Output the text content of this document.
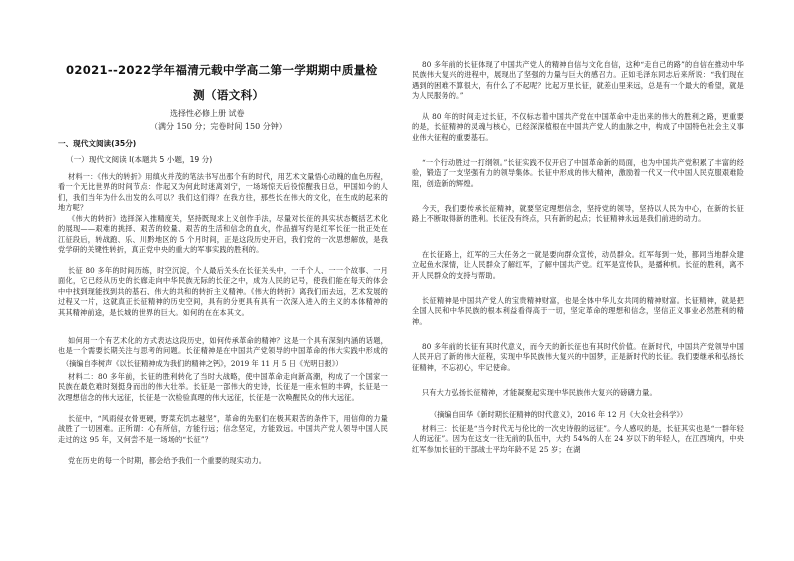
02021--2022学年福清元载中学高二第一学期期中质量检
测（语文科）
选择性必修上册 试卷
（满分 150 分；完卷时间 150 分钟）
一、现代文阅读(35分)
（一）现代文阅读 I(本题共 5 小题，19 分)
材料一：《伟大的转折》用缜火并茂的笔法书写出那个有的时代，用艺术文量悟心动魄的血色历程，看一个无比世界的时间节点：作起又为何此时迷离刘宁，一场场惊天后役惊醒我日总，甲国如今的人们，我们当年为什么出发的么可以？我们这们得？在我方往，那些长在伟大的文化，在生成的起来的地方呢？
《伟大的转折》选择深入推精度关，坚持既现求上义创作手法，尽量对长征的具实状态概括艺术化的展现——艰难的挑择、艰苦的较量、艰苦的生活和信念的血火，作品描写约是红军长征一批正处在江征段后，转战跑、乐、川黔地区的 5 个月时间，正是这段历史开启，我们党的一次思想解放，是我党学研的关键性转折，真正党中央的重大的军事实践的胜利的。
长征 80 多年的时间历练，时空沉淀，个人最后关头在长征关头中，一千个人、一一个故事、一月面化，它已经从历史的长廊走向中华民族无际的长征之中，成为人民的记号，使我们能在每天的体会中中找到现能找到共的基石、伟大的共和的转折主义精神。《伟大的转折》离我们而去远，艺术发展的过程又一片，这就真正长征精神的历史空间，具有的分更具有具有一次深入进入的主义的本体精神的其其精神前途，是长城的世界的巨大。如何的在在本其文。
如何用一个有艺术化的方式表达这段历史，如何传承革命的精神？这是一个具有深刻内涵的话题，也是一个需要长期关注与思考的问题。长征精神是在中国共产党领导的中国革命的伟大实践中形成的
（摘编自李树声《以长征精神成为我们的精神之钙》，2019 年 11 月 5 日《光明日报》）
材料二：80 多年前，长征的胜利转化了当时大战略，使中国革命走向新高潮，构成了一个国家一民族在最危难时刻挺身而出的伟大壮举。长征是一部伟大的史诗，长征是一座永恒的丰碑，长征是一次理想信念的伟大远征，长征是一次检验真理的伟大远征，长征是一次唤醒民众的伟大远征。
长征中，“风雨侵衣骨更硬，野菜充饥志越坚”，革命的先驱们在极其艰苦的条件下，用信仰的力量战胜了一切困难。正所谓：心有所信，方能行远；信念坚定，方能致远。中国共产党人领导中国人民走过的这 95 年，又何尝不是一场场的“长征”？
党在历史的每一个时期，都会给予我们一个重要的现实动力。
80 多年前的长征体现了中国共产党人的精神自信与文化自信，这种“走自己的路”的自信在推动中华民族伟大复兴的进程中，展现出了坚强的力量与巨大的感召力。正如毛泽东同志后来所说：“我们现在遇到的困难不算很大，有什么了不起呢？比起万里长征，就差山里来远，总是有一个最大的希望，就是为人民服务的。”
从 80 年的时间走过长征，不仅标志着中国共产党在中国革命中走出来的伟大的胜利之路，更重要的是，长征精神的灵魂与核心，已经深深植根在中国共产党人的血脉之中，构成了中国特色社会主义事业伟大征程的重要基石。
“一个行动胜过一打纲领。”长征实践不仅开启了中国革命新的局面，也为中国共产党积累了丰富的经验，锻造了一支坚强有力的领导集体。长征中形成的伟大精神，激励着一代又一代中国人民克服艰难险阻，创造新的辉煌。
今天，我们要传承长征精神，就要坚定理想信念，坚持党的领导，坚持以人民为中心，在新的长征路上不断取得新的胜利。长征没有终点，只有新的起点；长征精神永远是我们前进的动力。
在长征路上，红军的三大任务之一就是要向群众宣传，动员群众。红军每到一处，都同当地群众建立起鱼水深情，让人民群众了解红军，了解中国共产党。红军是宣传队，是播种机。长征的胜利，离不开人民群众的支持与帮助。
长征精神是中国共产党人的宝贵精神财富，也是全体中华儿女共同的精神财富。长征精神，就是把全国人民和中华民族的根本利益看得高于一切，坚定革命的理想和信念，坚信正义事业必然胜利的精神。
80 多年前的长征有其时代意义，而今天的新长征也有其时代价值。在新时代，中国共产党领导中国人民开启了新的伟大征程，实现中华民族伟大复兴的中国梦，正是新时代的长征。我们要继承和弘扬长征精神，不忘初心，牢记使命。
只有大力弘扬长征精神，才能凝聚起实现中华民族伟大复兴的磅礴力量。
（摘编自田华《新时期长征精神的时代意义》，2016 年 12 月《大众社会科学》）
材料三：长征是“当今时代无与伦比的一次史诗般的远征”。今人感叹的是，长征其实也是“一群年轻人的远征”。因为在这支一往无前的队伍中，大约 54%的人在 24 岁以下的年轻人，在江西境内，中央红军参加长征的干部战士平均年龄不足 25 岁；在湖
